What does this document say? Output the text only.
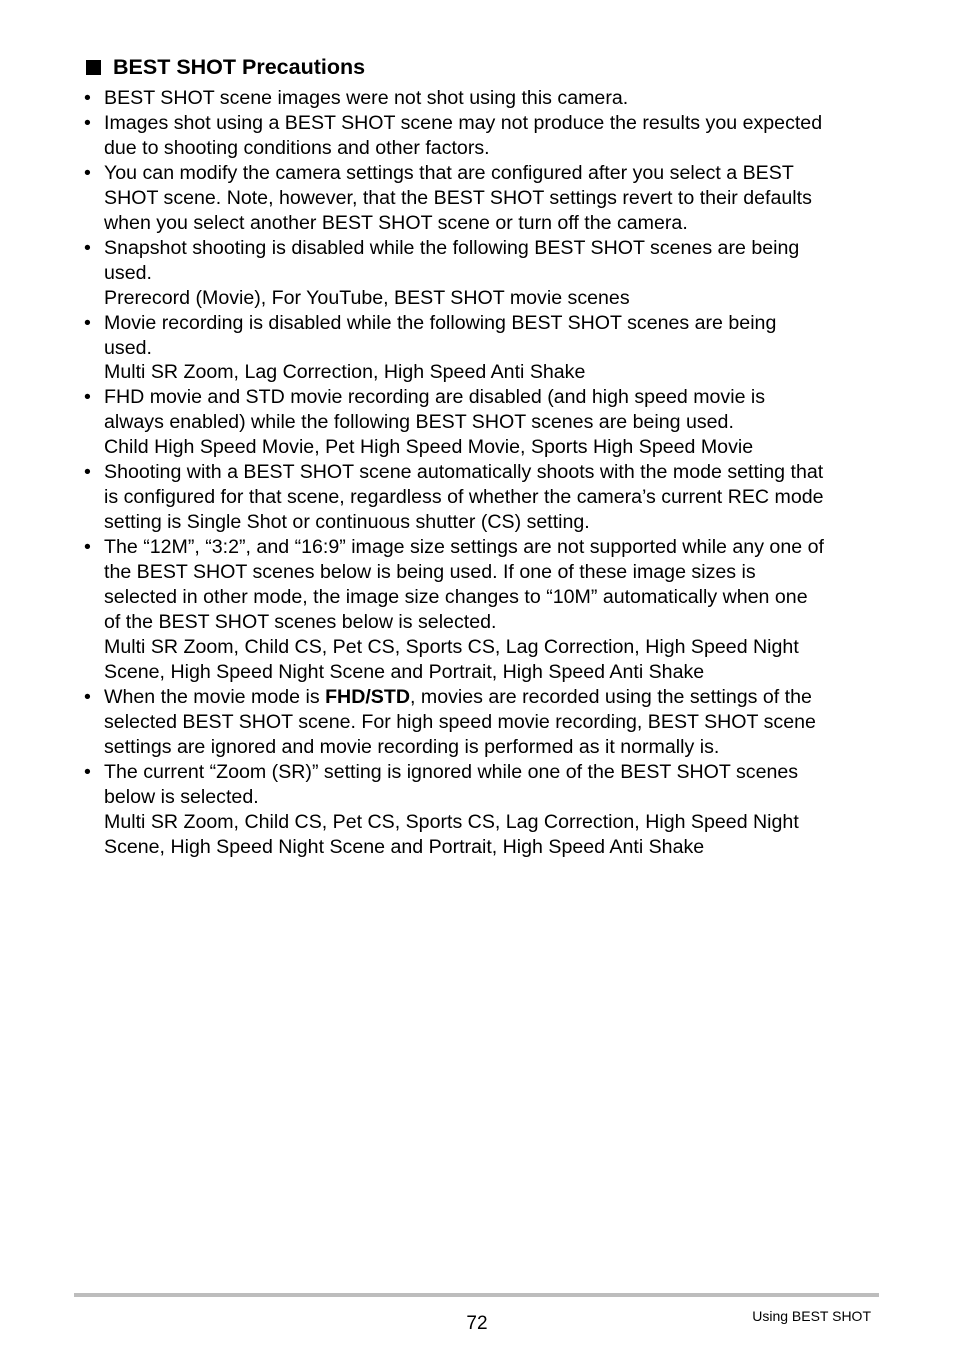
BEST SHOT Precautions
• BEST SHOT scene images were not shot using this camera.
• Images shot using a BEST SHOT scene may not produce the results you expected
due to shooting conditions and other factors.
• You can modify the camera settings that are configured after you select a BEST
SHOT scene. Note, however, that the BEST SHOT settings revert to their defaults
when you select another BEST SHOT scene or turn off the camera.
• Snapshot shooting is disabled while the following BEST SHOT scenes are being
used.
Prerecord (Movie), For YouTube, BEST SHOT movie scenes
• Movie recording is disabled while the following BEST SHOT scenes are being
used.
Multi SR Zoom, Lag Correction, High Speed Anti Shake
• FHD movie and STD movie recording are disabled (and high speed movie is
always enabled) while the following BEST SHOT scenes are being used.
Child High Speed Movie, Pet High Speed Movie, Sports High Speed Movie
• Shooting with a BEST SHOT scene automatically shoots with the mode setting that
is configured for that scene, regardless of whether the camera’s current REC mode
setting is Single Shot or continuous shutter (CS) setting.
• The “12M”, “3:2”, and “16:9” image size settings are not supported while any one of
the BEST SHOT scenes below is being used. If one of these image sizes is
selected in other mode, the image size changes to “10M” automatically when one
of the BEST SHOT scenes below is selected.
Multi SR Zoom, Child CS, Pet CS, Sports CS, Lag Correction, High Speed Night
Scene, High Speed Night Scene and Portrait, High Speed Anti Shake
• When the movie mode is FHD/STD, movies are recorded using the settings of the
selected BEST SHOT scene. For high speed movie recording, BEST SHOT scene
settings are ignored and movie recording is performed as it normally is.
• The current “Zoom (SR)” setting is ignored while one of the BEST SHOT scenes
below is selected.
Multi SR Zoom, Child CS, Pet CS, Sports CS, Lag Correction, High Speed Night
Scene, High Speed Night Scene and Portrait, High Speed Anti Shake
72	Using BEST SHOT
